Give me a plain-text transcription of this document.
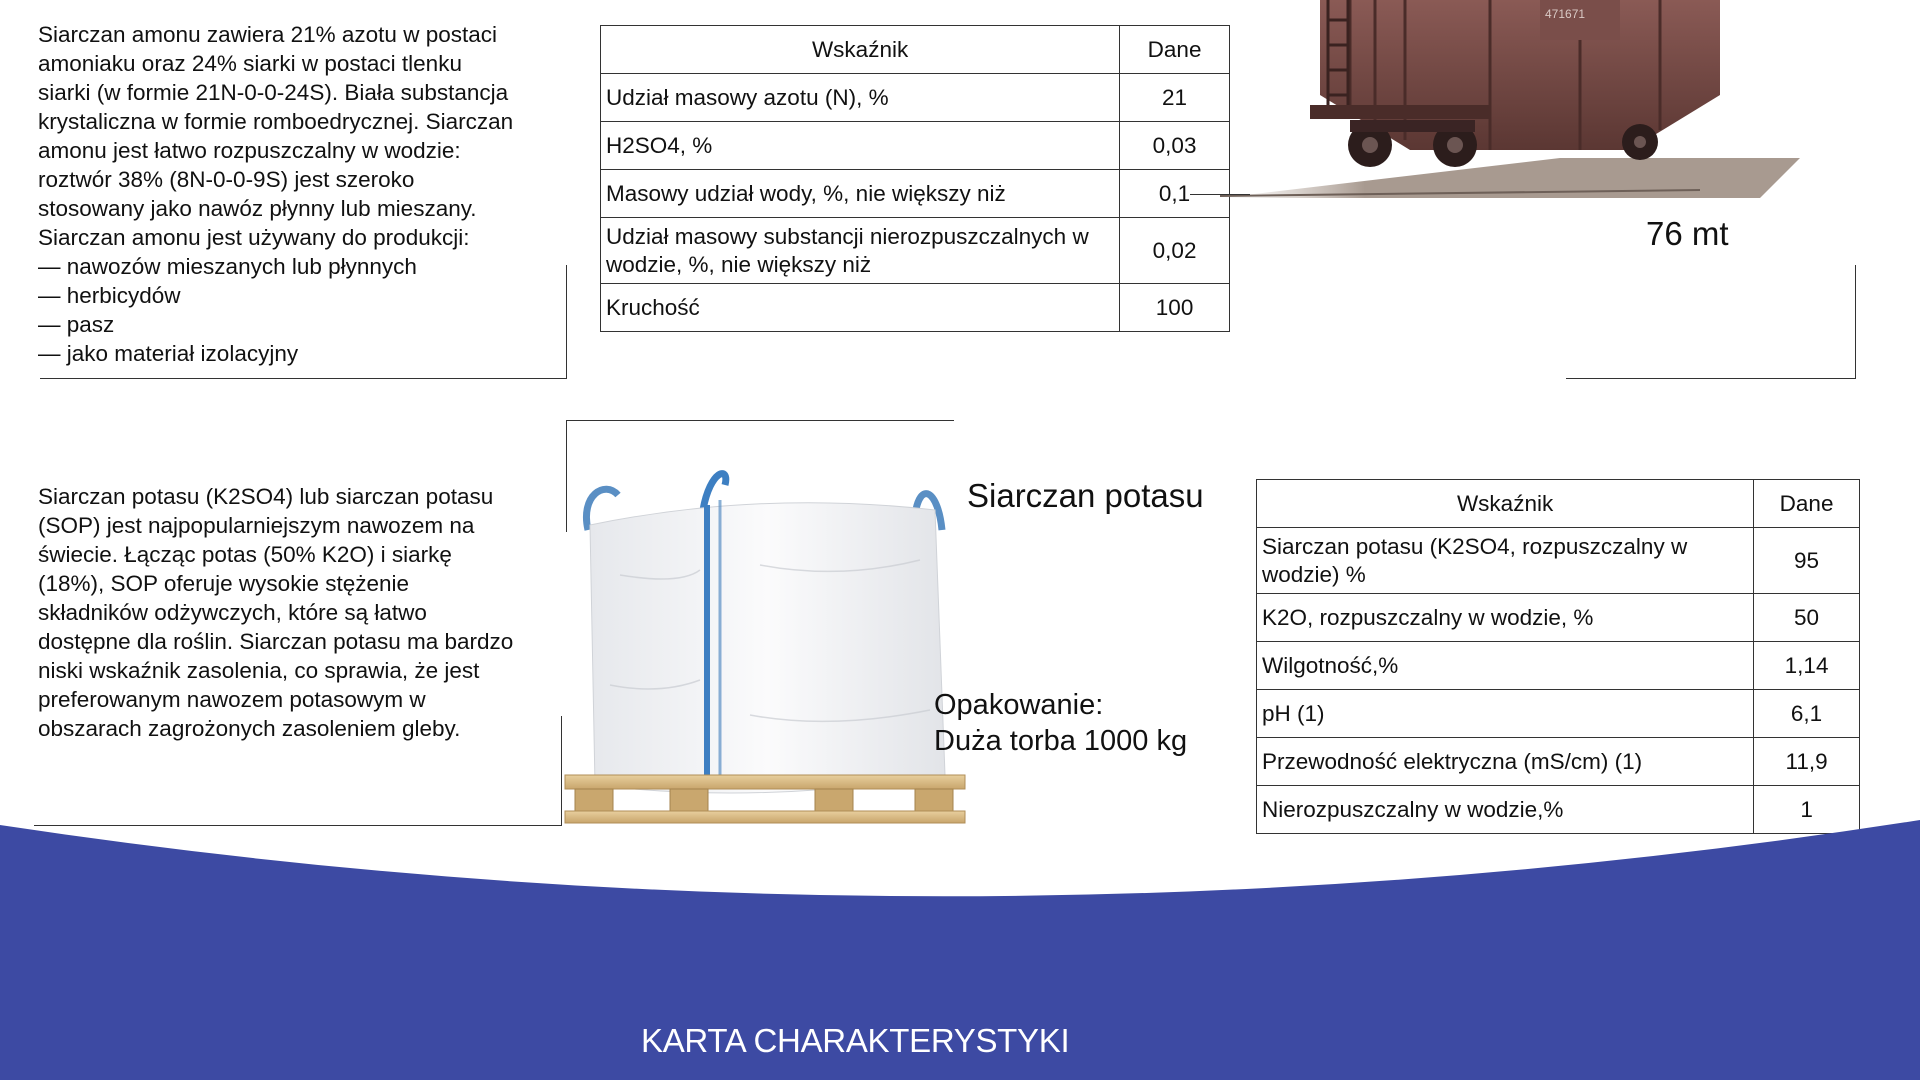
Siarczan amonu zawiera 21% azotu w postaci

amoniaku oraz 24% siarki w postaci tlenku

siarki (w formie 21N-0-0-24S). Biała substancja

krystaliczna w formie romboedrycznej. Siarczan

amonu jest łatwo rozpuszczalny w wodzie:

roztwór 38% (8N-0-0-9S) jest szeroko

stosowany jako nawóz płynny lub mieszany.

Siarczan amonu jest używany do produkcji:

— nawozów mieszanych lub płynnych

— herbicydów

— pasz

— jako materiał izolacyjny

Wskaźnik	Dane
Udział masowy azotu (N), %	21
H2SO4, %	0,03
Masowy udział wody, %, nie większy niż	0,1
Udział masowy substancji nierozpuszczalnych w wodzie, %, nie większy niż	0,02
Kruchość	100
471671
76 mt

Siarczan potasu (K2SO4) lub siarczan potasu

(SOP) jest najpopularniejszym nawozem na

świecie. Łącząc potas (50% K2O) i siarkę

(18%), SOP oferuje wysokie stężenie

składników odżywczych, które są łatwo

dostępne dla roślin. Siarczan potasu ma bardzo

niski wskaźnik zasolenia, co sprawia, że jest

preferowanym nawozem potasowym w

obszarach zagrożonych zasoleniem gleby.

Siarczan potasu
Opakowanie:
Duża torba 1000 kg
Wskaźnik	Dane
Siarczan potasu (K2SO4, rozpuszczalny w wodzie) %	95
K2O, rozpuszczalny w wodzie, %	50
Wilgotność,%	1,14
pH (1)	6,1
Przewodność elektryczna (mS/cm) (1)	11,9
Nierozpuszczalny w wodzie,%	1
KARTA CHARAKTERYSTYKI
